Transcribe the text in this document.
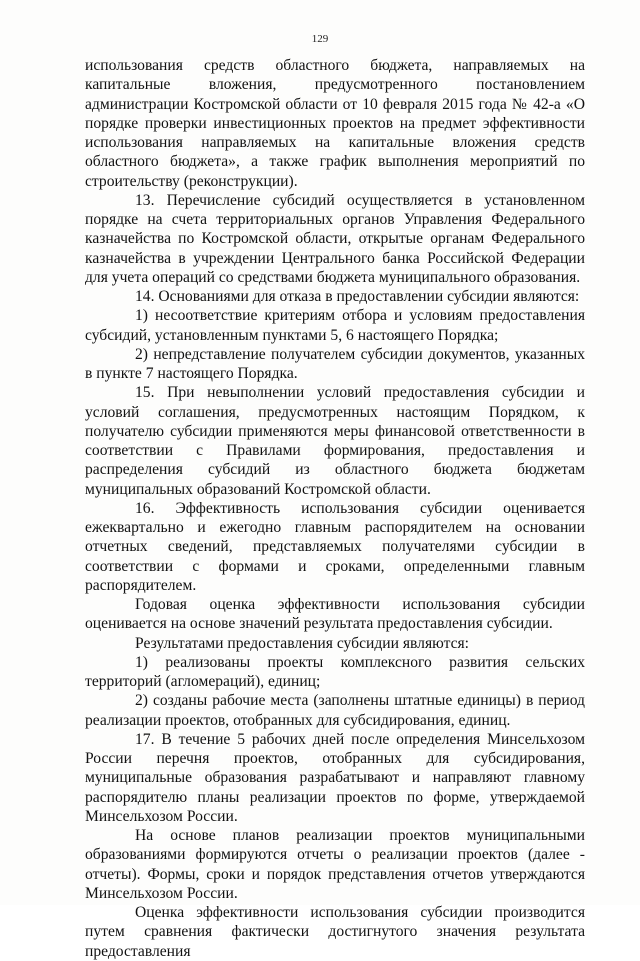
129

использования средств областного бюджета, направляемых на капитальные вложения, предусмотренного постановлением администрации Костромской области от 10 февраля 2015 года № 42-а «О порядке проверки инвестиционных проектов на предмет эффективности использования направляемых на капитальные вложения средств областного бюджета», а также график выполнения мероприятий по строительству (реконструкции).

13. Перечисление субсидий осуществляется в установленном порядке на счета территориальных органов Управления Федерального казначейства по Костромской области, открытые органам Федерального казначейства в учреждении Центрального банка Российской Федерации для учета операций со средствами бюджета муниципального образования.

14. Основаниями для отказа в предоставлении субсидии являются:

1) несоответствие критериям отбора и условиям предоставления субсидий, установленным пунктами 5, 6 настоящего Порядка;

2) непредставление получателем субсидии документов, указанных в пункте 7 настоящего Порядка.

15. При невыполнении условий предоставления субсидии и условий соглашения, предусмотренных настоящим Порядком, к получателю субсидии применяются меры финансовой ответственности в соответствии с Правилами формирования, предоставления и распределения субсидий из областного бюджета бюджетам муниципальных образований Костромской области.

16. Эффективность использования субсидии оценивается ежеквартально и ежегодно главным распорядителем на основании отчетных сведений, представляемых получателями субсидии в соответствии с формами и сроками, определенными главным распорядителем.

Годовая оценка эффективности использования субсидии оценивается на основе значений результата предоставления субсидии.

Результатами предоставления субсидии являются:

1) реализованы проекты комплексного развития сельских территорий (агломераций), единиц;

2) созданы рабочие места (заполнены штатные единицы) в период реализации проектов, отобранных для субсидирования, единиц.

17. В течение 5 рабочих дней после определения Минсельхозом России перечня проектов, отобранных для субсидирования, муниципальные образования разрабатывают и направляют главному распорядителю планы реализации проектов по форме, утверждаемой Минсельхозом России.

На основе планов реализации проектов муниципальными образованиями формируются отчеты о реализации проектов (далее - отчеты). Формы, сроки и порядок представления отчетов утверждаются Минсельхозом России.

Оценка эффективности использования субсидии производится путем сравнения фактически достигнутого значения результата предоставления
